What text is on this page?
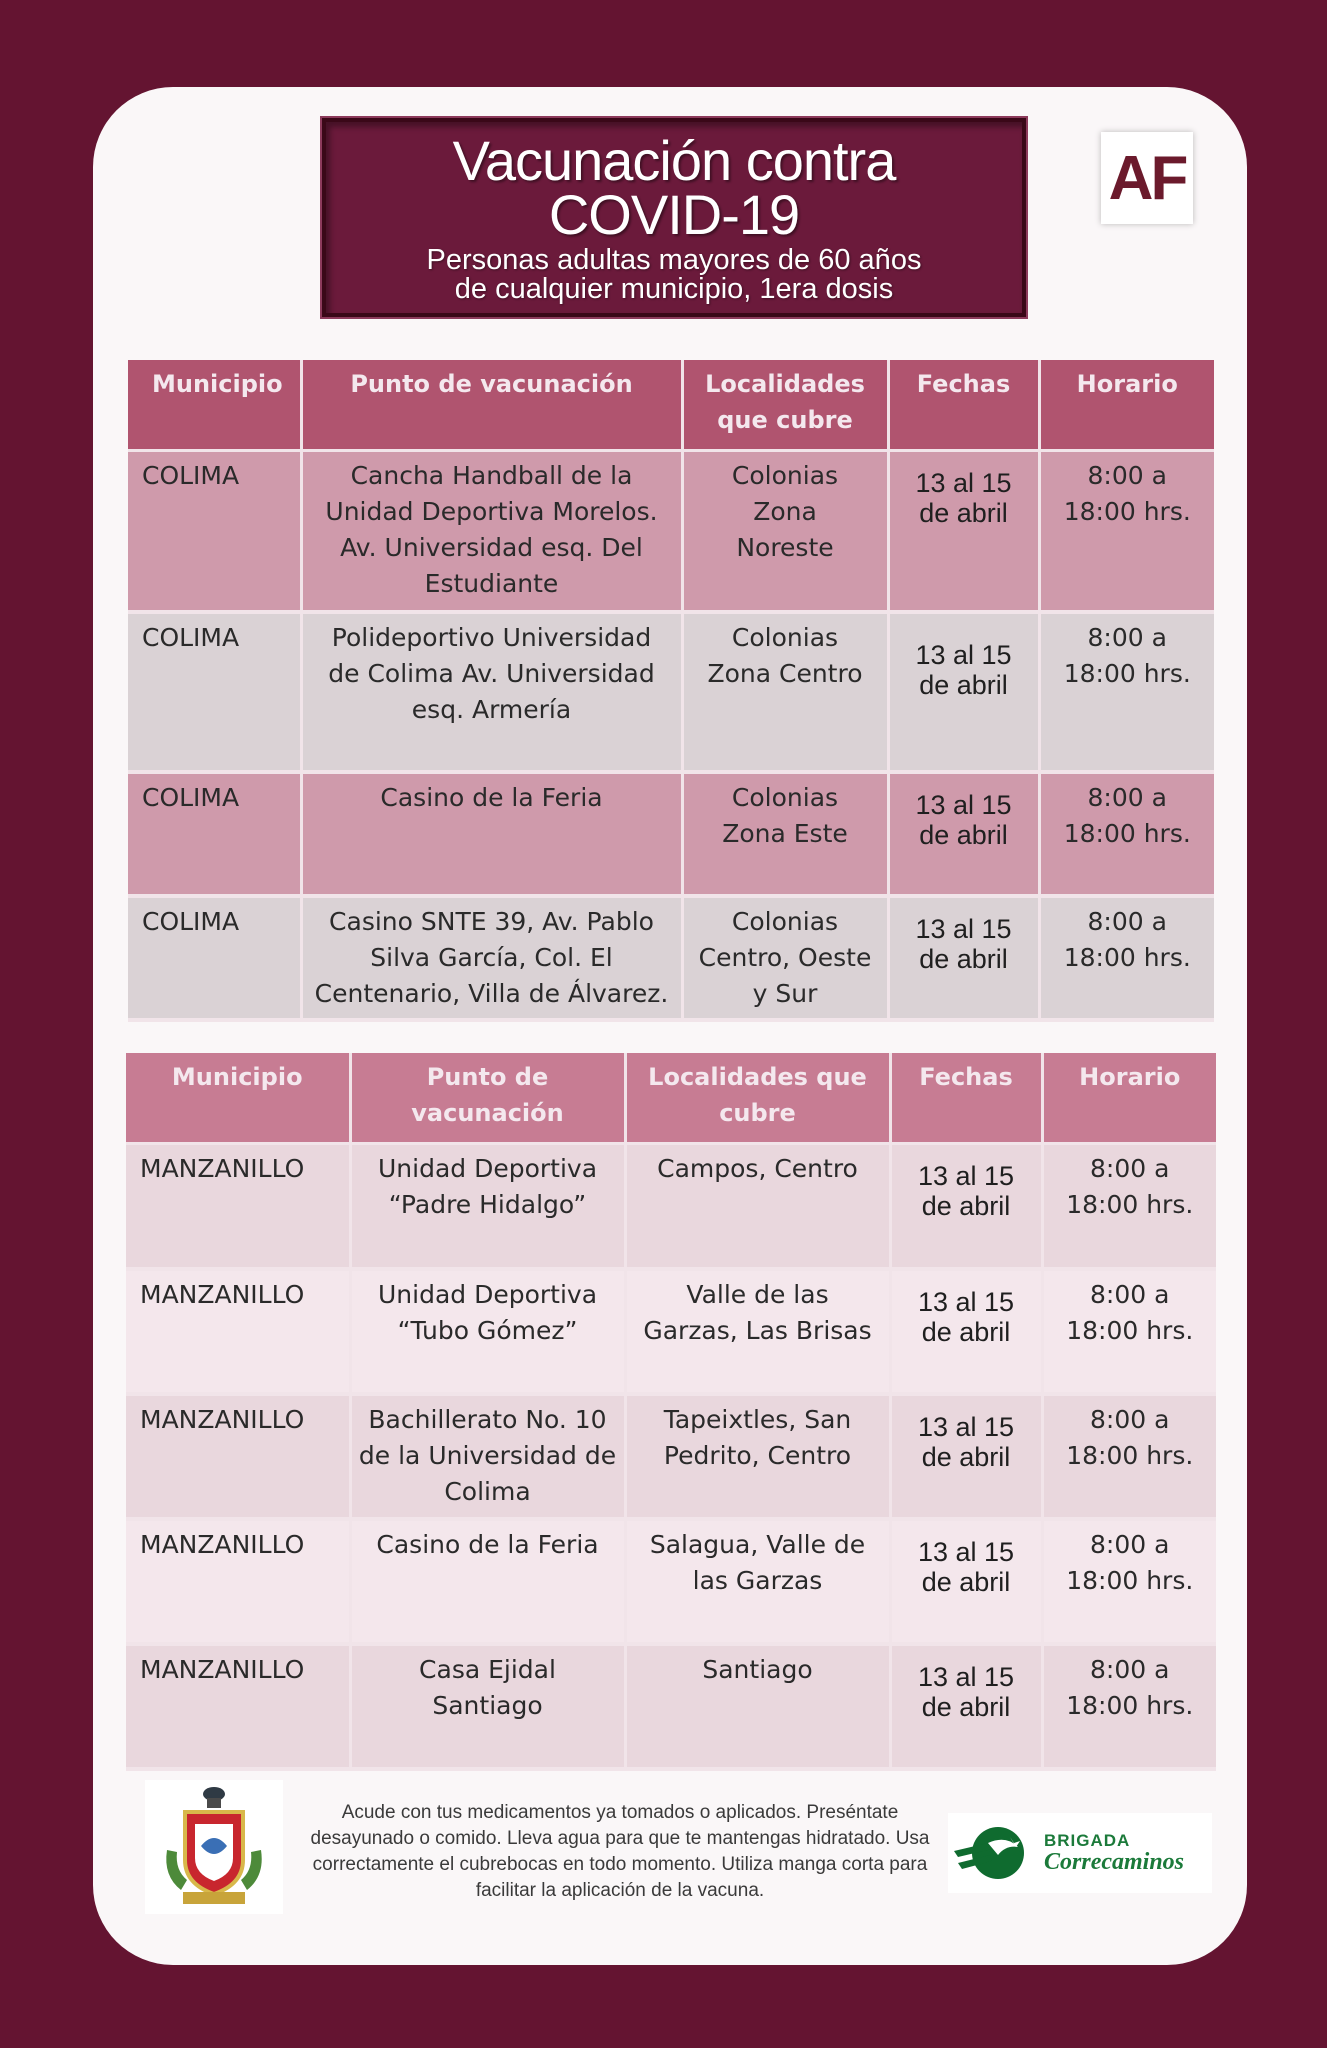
Vacunación contra
COVID-19
Personas adultas mayores de 60 años
de cualquier municipio, 1era dosis
AF
Municipio	Punto de vacunación	Localidades que cubre	Fechas	Horario
COLIMA	Cancha Handball de la Unidad Deportiva Morelos. Av. Universidad esq. Del Estudiante	Colonias Zona Noreste	13 al 15 de abril	8:00 a 18:00 hrs.
COLIMA	Polideportivo Universidad de Colima Av. Universidad esq. Armería	Colonias Zona Centro	13 al 15 de abril	8:00 a 18:00 hrs.
COLIMA	Casino de la Feria	Colonias Zona Este	13 al 15 de abril	8:00 a 18:00 hrs.
COLIMA	Casino SNTE 39, Av. Pablo Silva García, Col. El Centenario, Villa de Álvarez.	Colonias Centro, Oeste y Sur	13 al 15 de abril	8:00 a 18:00 hrs.
Municipio	Punto de vacunación	Localidades que cubre	Fechas	Horario
MANZANILLO	Unidad Deportiva “Padre Hidalgo”	Campos, Centro	13 al 15 de abril	8:00 a 18:00 hrs.
MANZANILLO	Unidad Deportiva “Tubo Gómez”	Valle de las Garzas, Las Brisas	13 al 15 de abril	8:00 a 18:00 hrs.
MANZANILLO	Bachillerato No. 10 de la Universidad de Colima	Tapeixtles, San Pedrito, Centro	13 al 15 de abril	8:00 a 18:00 hrs.
MANZANILLO	Casino de la Feria	Salagua, Valle de las Garzas	13 al 15 de abril	8:00 a 18:00 hrs.
MANZANILLO	Casa Ejidal Santiago	Santiago	13 al 15 de abril	8:00 a 18:00 hrs.
Acude con tus medicamentos ya tomados o aplicados. Preséntate desayunado o comido. Lleva agua para que te mantengas hidratado. Usa correctamente el cubrebocas en todo momento. Utiliza manga corta para facilitar la aplicación de la vacuna.
BRIGADA
Correcaminos
